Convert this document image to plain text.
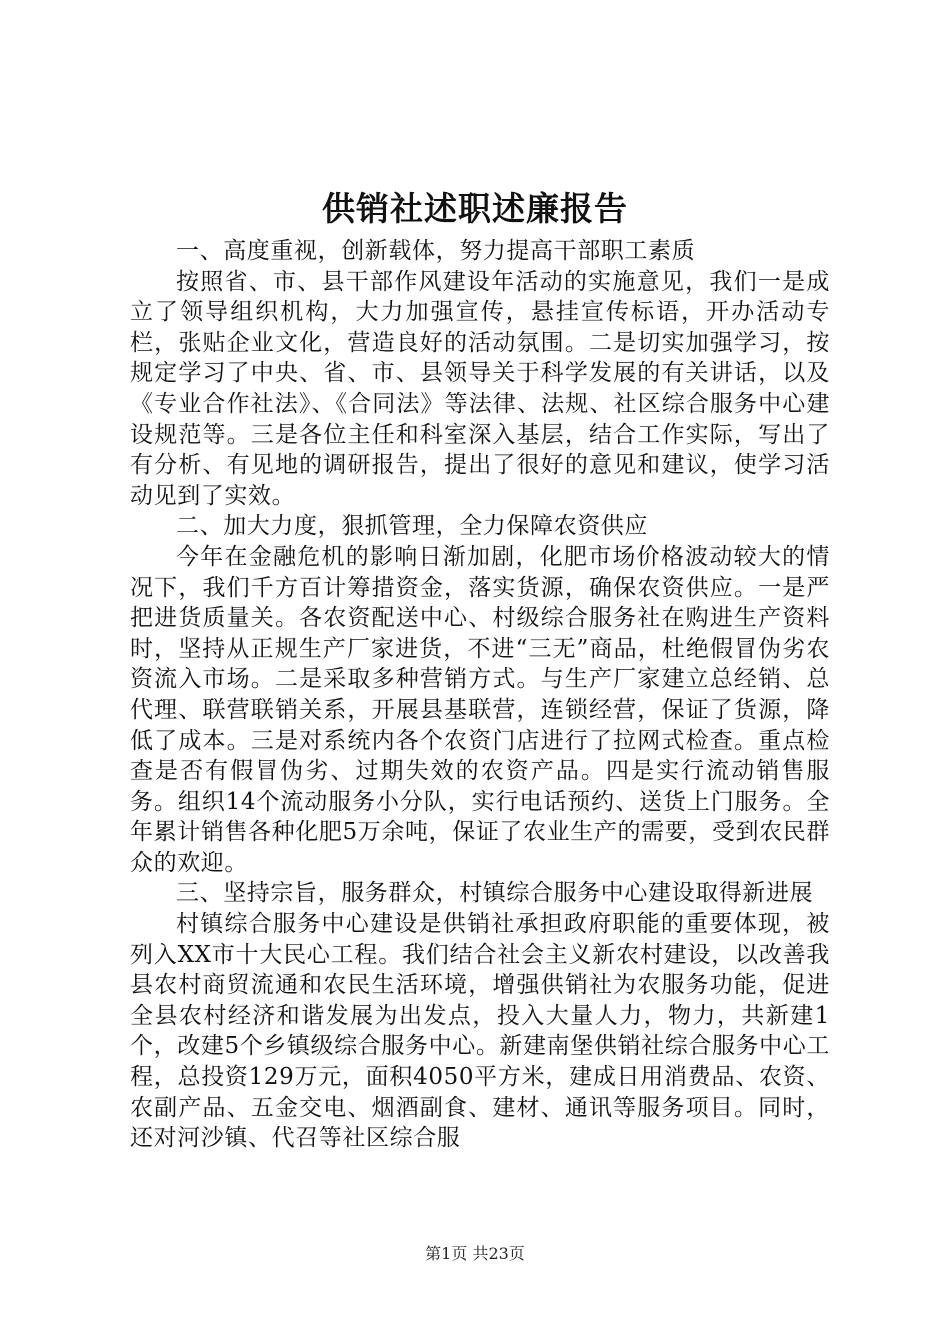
供销社述职述廉报告

一、高度重视，创新载体，努力提高干部职工素质

按照省、市、县干部作风建设年活动的实施意见，我们一是成立了领导组织机构，大力加强宣传，悬挂宣传标语，开办活动专栏，张贴企业文化，营造良好的活动氛围。二是切实加强学习，按规定学习了中央、省、市、县领导关于科学发展的有关讲话，以及《专业合作社法》、《合同法》等法律、法规、社区综合服务中心建设规范等。三是各位主任和科室深入基层，结合工作实际，写出了有分析、有见地的调研报告，提出了很好的意见和建议，使学习活动见到了实效。

二、加大力度，狠抓管理，全力保障农资供应

今年在金融危机的影响日渐加剧，化肥市场价格波动较大的情况下，我们千方百计筹措资金，落实货源，确保农资供应。一是严把进货质量关。各农资配送中心、村级综合服务社在购进生产资料时，坚持从正规生产厂家进货，不进“三无”商品，杜绝假冒伪劣农资流入市场。二是采取多种营销方式。与生产厂家建立总经销、总代理、联营联销关系，开展县基联营，连锁经营，保证了货源，降低了成本。三是对系统内各个农资门店进行了拉网式检查。重点检查是否有假冒伪劣、过期失效的农资产品。四是实行流动销售服务。组织14个流动服务小分队，实行电话预约、送货上门服务。全年累计销售各种化肥5万余吨，保证了农业生产的需要，受到农民群众的欢迎。

三、坚持宗旨，服务群众，村镇综合服务中心建设取得新进展

村镇综合服务中心建设是供销社承担政府职能的重要体现，被列入XX市十大民心工程。我们结合社会主义新农村建设，以改善我县农村商贸流通和农民生活环境，增强供销社为农服务功能，促进全县农村经济和谐发展为出发点，投入大量人力，物力，共新建1个，改建5个乡镇级综合服务中心。新建南堡供销社综合服务中心工程，总投资129万元，面积4050平方米，建成日用消费品、农资、农副产品、五金交电、烟酒副食、建材、通讯等服务项目。同时，还对河沙镇、代召等社区综合服

第1页 共23页
